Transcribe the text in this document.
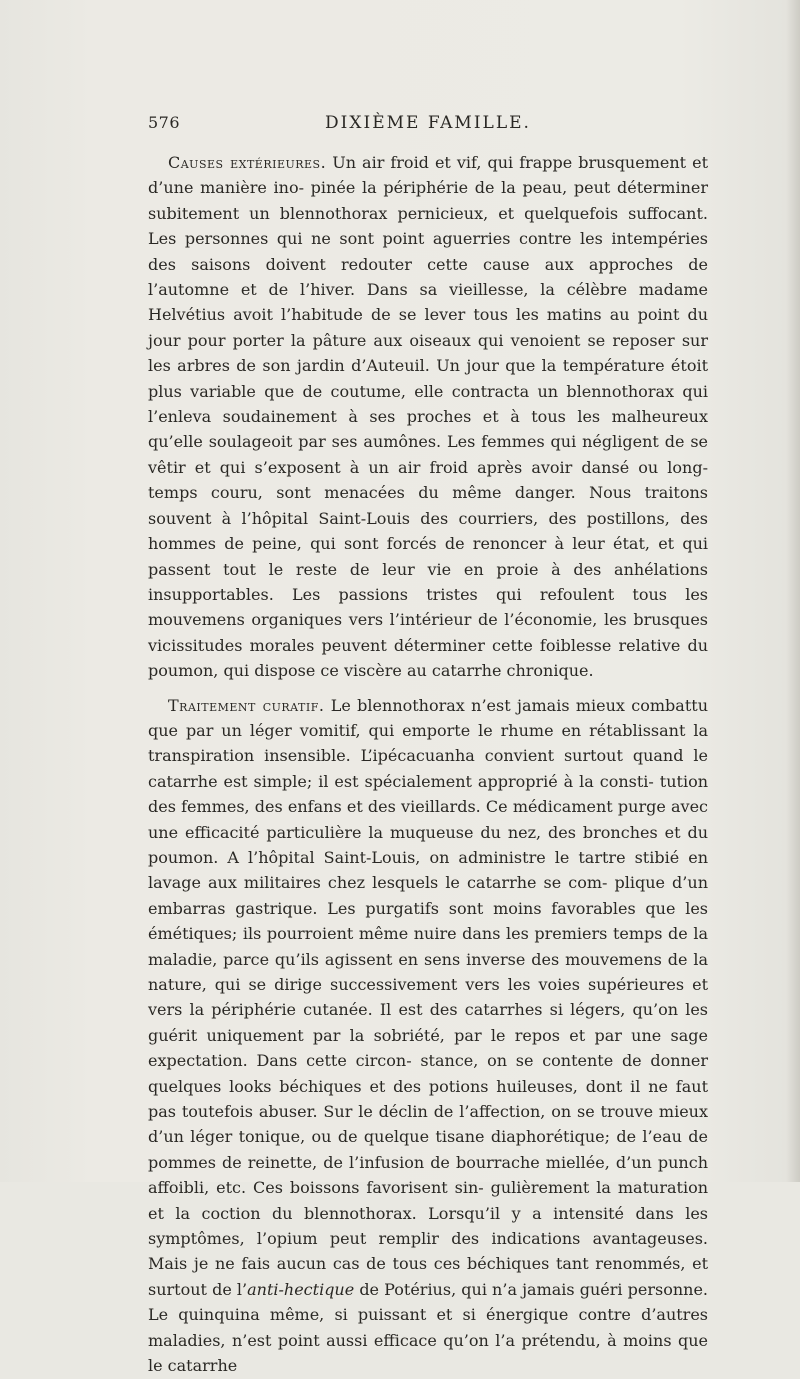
576	DIXIÈME FAMILLE.

Causes extérieures. Un air froid et vif, qui frappe brusquement et d’une manière ino- pinée la périphérie de la peau, peut déterminer subitement un blennothorax pernicieux, et quelquefois suffocant. Les personnes qui ne sont point aguerries contre les intempéries des saisons doivent redouter cette cause aux approches de l’automne et de l’hiver. Dans sa vieillesse, la célèbre madame Helvétius avoit l’habitude de se lever tous les matins au point du jour pour porter la pâture aux oiseaux qui venoient se reposer sur les arbres de son jardin d’Auteuil. Un jour que la température étoit plus variable que de coutume, elle contracta un blennothorax qui l’enleva soudainement à ses proches et à tous les malheureux qu’elle soulageoit par ses aumônes. Les femmes qui négligent de se vêtir et qui s’exposent à un air froid après avoir dansé ou long-temps couru, sont menacées du même danger. Nous traitons souvent à l’hôpital Saint-Louis des courriers, des postillons, des hommes de peine, qui sont forcés de renoncer à leur état, et qui passent tout le reste de leur vie en proie à des anhélations insupportables. Les passions tristes qui refoulent tous les mouvemens organiques vers l’intérieur de l’économie, les brusques vicissitudes morales peuvent déterminer cette foiblesse relative du poumon, qui dispose ce viscère au catarrhe chronique.

Traitement curatif. Le blennothorax n’est jamais mieux combattu que par un léger vomitif, qui emporte le rhume en rétablissant la transpiration insensible. L’ipécacuanha convient surtout quand le catarrhe est simple; il est spécialement approprié à la consti- tution des femmes, des enfans et des vieillards. Ce médicament purge avec une efficacité particulière la muqueuse du nez, des bronches et du poumon. A l’hôpital Saint-Louis, on administre le tartre stibié en lavage aux militaires chez lesquels le catarrhe se com- plique d’un embarras gastrique. Les purgatifs sont moins favorables que les émétiques; ils pourroient même nuire dans les premiers temps de la maladie, parce qu’ils agissent en sens inverse des mouvemens de la nature, qui se dirige successivement vers les voies supérieures et vers la périphérie cutanée. Il est des catarrhes si légers, qu’on les guérit uniquement par la sobriété, par le repos et par une sage expectation. Dans cette circon- stance, on se contente de donner quelques looks béchiques et des potions huileuses, dont il ne faut pas toutefois abuser. Sur le déclin de l’affection, on se trouve mieux d’un léger tonique, ou de quelque tisane diaphorétique; de l’eau de pommes de reinette, de l’infusion de bourrache miellée, d’un punch affoibli, etc. Ces boissons favorisent sin- gulièrement la maturation et la coction du blennothorax. Lorsqu’il y a intensité dans les symptômes, l’opium peut remplir des indications avantageuses. Mais je ne fais aucun cas de tous ces béchiques tant renommés, et surtout de l’anti-hectique de Potérius, qui n’a jamais guéri personne. Le quinquina même, si puissant et si énergique contre d’autres maladies, n’est point aussi efficace qu’on l’a prétendu, à moins que le catarrhe
